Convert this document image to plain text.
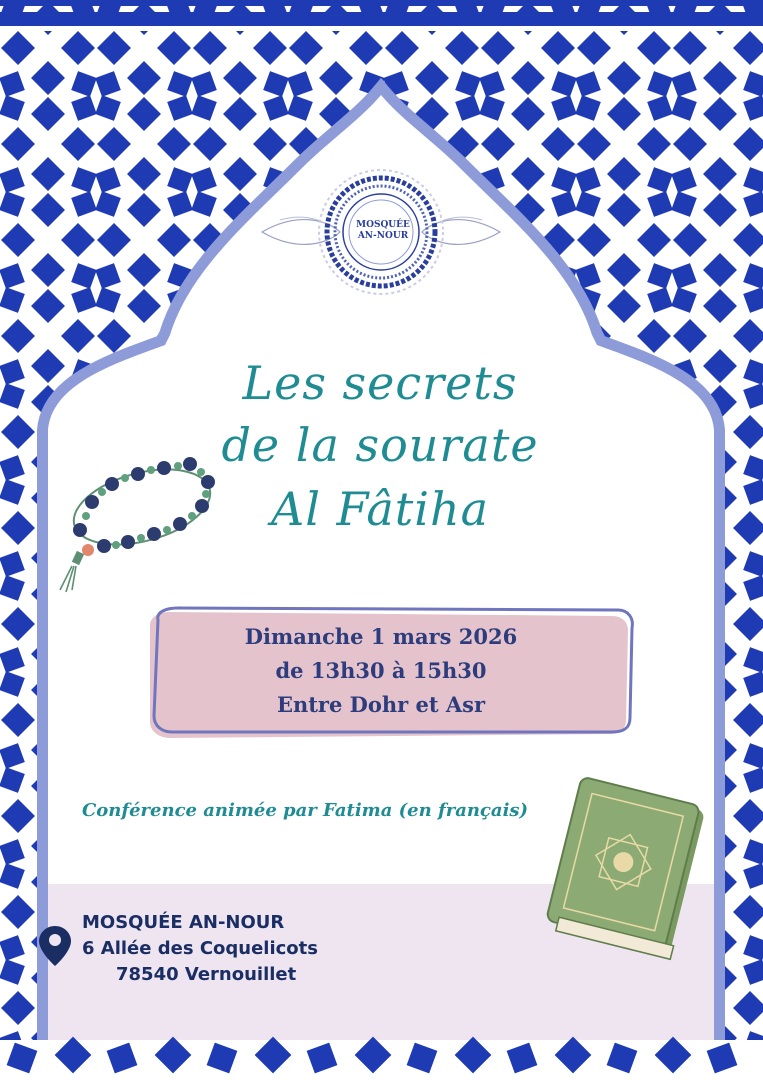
MOSQUÉE
AN-NOUR
Les secrets
de la sourate
Al Fâtiha
Dimanche 1 mars 2026
de 13h30 à 15h30
Entre Dohr et Asr
Conférence animée par Fatima (en français)
MOSQUÉE AN-NOUR
6 Allée des Coquelicots
78540 Vernouillet
